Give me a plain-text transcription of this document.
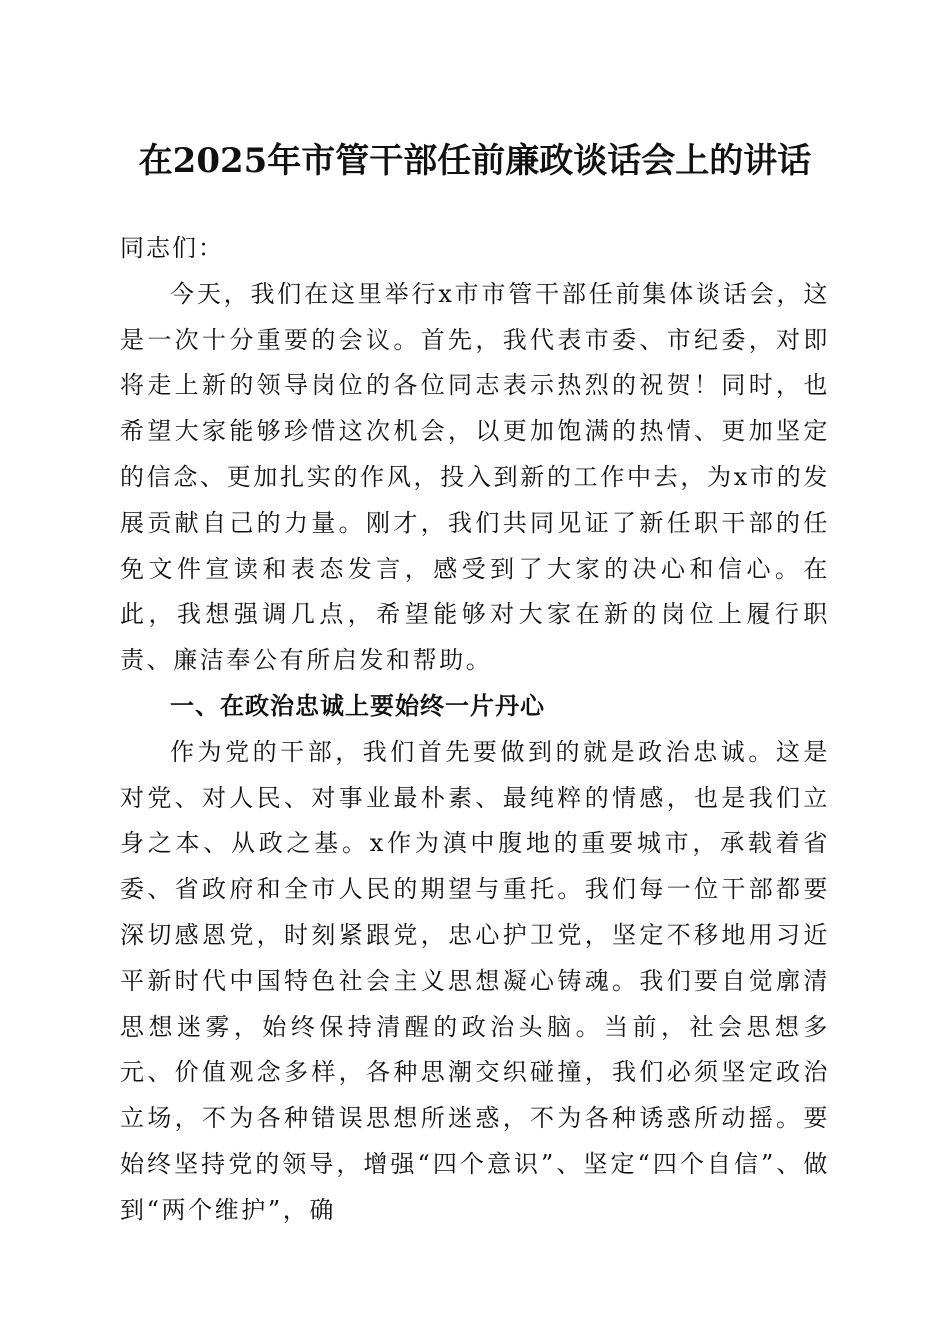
在2025年市管干部任前廉政谈话会上的讲话

同志们：

今天，我们在这里举行x市市管干部任前集体谈话会，这是一次十分重要的会议。首先，我代表市委、市纪委，对即将走上新的领导岗位的各位同志表示热烈的祝贺！同时，也希望大家能够珍惜这次机会，以更加饱满的热情、更加坚定的信念、更加扎实的作风，投入到新的工作中去，为x市的发展贡献自己的力量。刚才，我们共同见证了新任职干部的任免文件宣读和表态发言，感受到了大家的决心和信心。在此，我想强调几点，希望能够对大家在新的岗位上履行职责、廉洁奉公有所启发和帮助。

一、在政治忠诚上要始终一片丹心

作为党的干部，我们首先要做到的就是政治忠诚。这是对党、对人民、对事业最朴素、最纯粹的情感，也是我们立身之本、从政之基。x作为滇中腹地的重要城市，承载着省委、省政府和全市人民的期望与重托。我们每一位干部都要深切感恩党，时刻紧跟党，忠心护卫党，坚定不移地用习近平新时代中国特色社会主义思想凝心铸魂。我们要自觉廓清思想迷雾，始终保持清醒的政治头脑。当前，社会思想多元、价值观念多样，各种思潮交织碰撞，我们必须坚定政治立场，不为各种错误思想所迷惑，不为各种诱惑所动摇。要始终坚持党的领导，增强“四个意识”、坚定“四个自信”、做到“两个维护”，确
